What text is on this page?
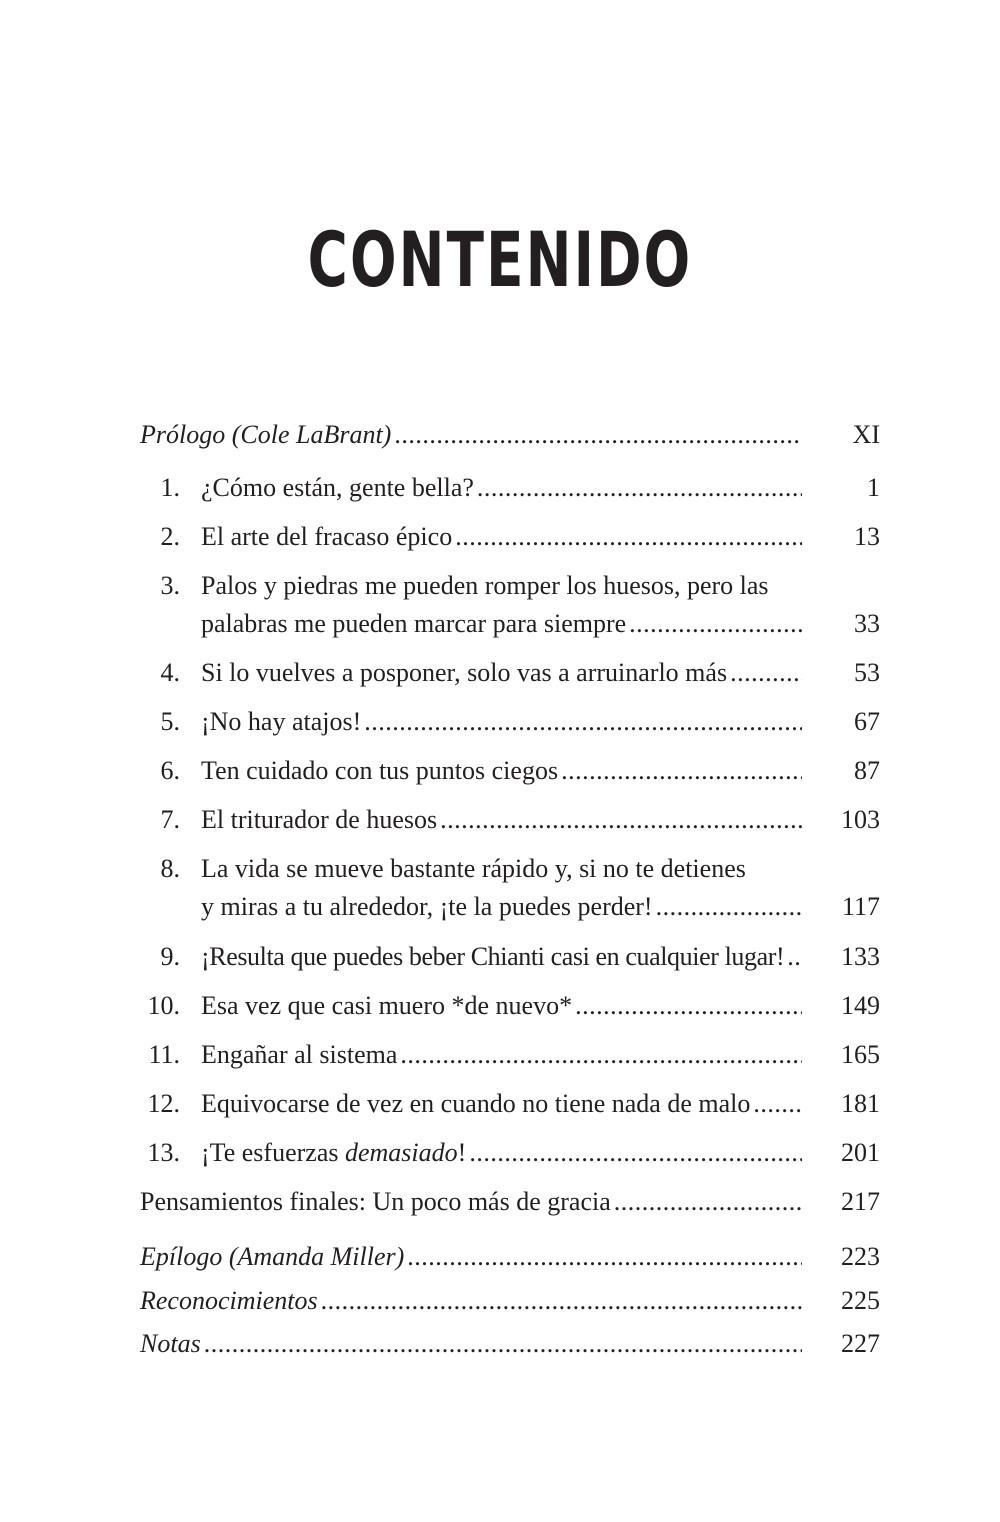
CONTENIDO
Prólogo (Cole LaBrant) . . .	XI
1. ¿Cómo están, gente bella? . . .	1
2. El arte del fracaso épico . . .	13
3. Palos y piedras me pueden romper los huesos, pero las
palabras me pueden marcar para siempre . . .	33
4. Si lo vuelves a posponer, solo vas a arruinarlo más . . .	53
5. ¡No hay atajos! . . .	67
6. Ten cuidado con tus puntos ciegos . . .	87
7. El triturador de huesos . . .	103
8. La vida se mueve bastante rápido y, si no te detienes
y miras a tu alrededor, ¡te la puedes perder! . . .	117
9. ¡Resulta que puedes beber Chianti casi en cualquier lugar! . . .	133
10. Esa vez que casi muero *de nuevo* . . .	149
11. Engañar al sistema . . .	165
12. Equivocarse de vez en cuando no tiene nada de malo . . .	181
13. ¡Te esfuerzas demasiado! . . .	201
Pensamientos finales: Un poco más de gracia . . .	217
Epílogo (Amanda Miller) . . .	223
Reconocimientos . . .	225
Notas . . .	227
